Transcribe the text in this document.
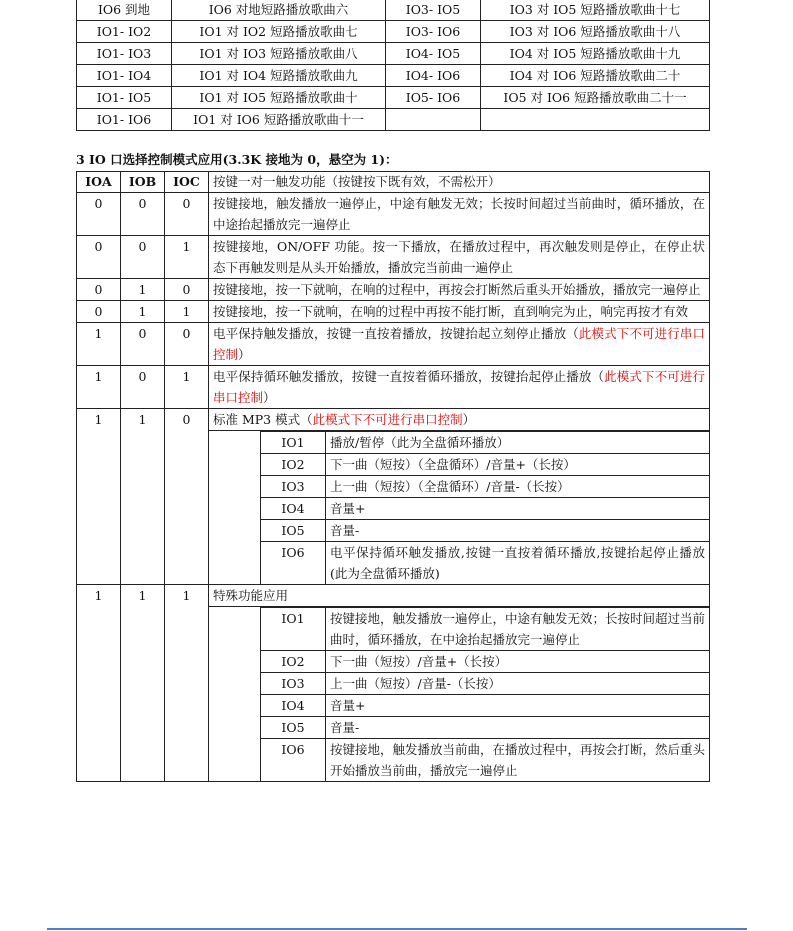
IO6 到地	IO6 对地短路播放歌曲六	IO3- IO5	IO3 对 IO5 短路播放歌曲十七
IO1- IO2	IO1 对 IO2 短路播放歌曲七	IO3- IO6	IO3 对 IO6 短路播放歌曲十八
IO1- IO3	IO1 对 IO3 短路播放歌曲八	IO4- IO5	IO4 对 IO5 短路播放歌曲十九
IO1- IO4	IO1 对 IO4 短路播放歌曲九	IO4- IO6	IO4 对 IO6 短路播放歌曲二十
IO1- IO5	IO1 对 IO5 短路播放歌曲十	IO5- IO6	IO5 对 IO6 短路播放歌曲二十一
IO1- IO6	IO1 对 IO6 短路播放歌曲十一		
3 IO 口选择控制模式应用(3.3K 接地为 0，悬空为 1)：
IOA	IOB	IOC	按键一对一触发功能（按键按下既有效，不需松开）
0	0	0	按键接地，触发播放一遍停止，中途有触发无效；长按时间超过当前曲时，循环播放，在中途抬起播放完一遍停止
0	0	1	按键接地，ON/OFF 功能。按一下播放，在播放过程中，再次触发则是停止，在停止状态下再触发则是从头开始播放，播放完当前曲一遍停止
0	1	0	按键接地，按一下就响，在响的过程中，再按会打断然后重头开始播放，播放完一遍停止
0	1	1	按键接地，按一下就响，在响的过程中再按不能打断，直到响完为止，响完再按才有效
1	0	0	电平保持触发播放，按键一直按着播放，按键抬起立刻停止播放（此模式下不可进行串口控制）
1	0	1	电平保持循环触发播放，按键一直按着循环播放，按键抬起停止播放（此模式下不可进行串口控制）
1	1	0	标准 MP3 模式（此模式下不可进行串口控制）
	IO1	播放/暂停（此为全盘循环播放）
	IO2	下一曲（短按）（全盘循环）/音量+（长按）
	IO3	上一曲（短按）（全盘循环）/音量-（长按）
	IO4	音量+
	IO5	音量-
	IO6	电平保持循环触发播放,按键一直按着循环播放,按键抬起停止播放(此为全盘循环播放)

1	1	1	特殊功能应用
	IO1	按键接地，触发播放一遍停止，中途有触发无效；长按时间超过当前曲时，循环播放，在中途抬起播放完一遍停止
	IO2	下一曲（短按）/音量+（长按）
	IO3	上一曲（短按）/音量-（长按）
	IO4	音量+
	IO5	音量-
	IO6	按键接地，触发播放当前曲，在播放过程中，再按会打断，然后重头开始播放当前曲，播放完一遍停止
